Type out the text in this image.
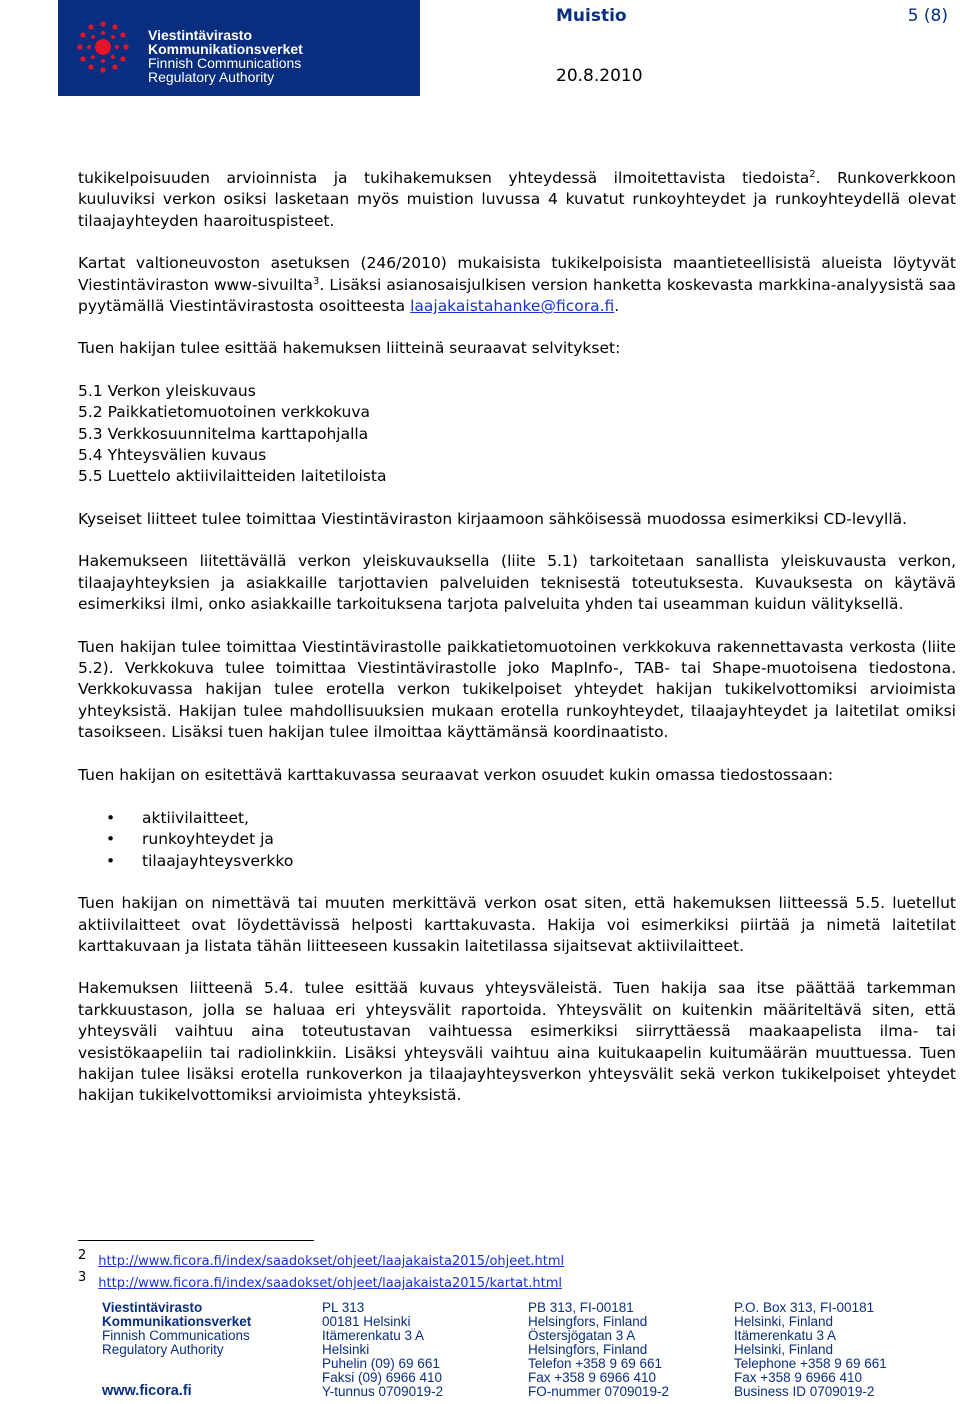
Viestintävirasto
Kommunikationsverket
Finnish Communications
Regulatory Authority
Muistio	5 (8)
20.8.2010

tukikelpoisuuden arvioinnista ja tukihakemuksen yhteydessä ilmoitettavista tiedoista$^2$. Runkoverkkoon kuuluviksi verkon osiksi lasketaan myös muistion luvussa 4 kuvatut runkoyhteydet ja runkoyhteydellä olevat tilaajayhteyden haaroituspisteet.

Kartat valtioneuvoston asetuksen (246/2010) mukaisista tukikelpoisista maantieteellisistä alueista löytyvät Viestintäviraston www-sivuilta$^3$. Lisäksi asianosaisjulkisen version hanketta koskevasta markkina-analyysistä saa pyytämällä Viestintävirastosta osoitteesta laajakaistahanke@ficora.fi.

Tuen hakijan tulee esittää hakemuksen liitteinä seuraavat selvitykset:

5.1 Verkon yleiskuvaus
5.2 Paikkatietomuotoinen verkkokuva
5.3 Verkkosuunnitelma karttapohjalla
5.4 Yhteysvälien kuvaus
5.5 Luettelo aktiivilaitteiden laitetiloista

Kyseiset liitteet tulee toimittaa Viestintäviraston kirjaamoon sähköisessä muodossa esimerkiksi CD-levyllä.

Hakemukseen liitettävällä verkon yleiskuvauksella (liite 5.1) tarkoitetaan sanallista yleiskuvausta verkon, tilaajayhteyksien ja asiakkaille tarjottavien palveluiden teknisestä toteutuksesta. Kuvauksesta on käytävä esimerkiksi ilmi, onko asiakkaille tarkoituksena tarjota palveluita yhden tai useamman kuidun välityksellä.

Tuen hakijan tulee toimittaa Viestintävirastolle paikkatietomuotoinen verkkokuva rakennettavasta verkosta (liite 5.2). Verkkokuva tulee toimittaa Viestintävirastolle joko MapInfo-, TAB- tai Shape-muotoisena tiedostona. Verkkokuvassa hakijan tulee erotella verkon tukikelpoiset yhteydet hakijan tukikelvottomiksi arvioimista yhteyksistä. Hakijan tulee mahdollisuuksien mukaan erotella runkoyhteydet, tilaajayhteydet ja laitetilat omiksi tasoikseen. Lisäksi tuen hakijan tulee ilmoittaa käyttämänsä koordinaatisto.

Tuen hakijan on esitettävä karttakuvassa seuraavat verkon osuudet kukin omassa tiedostossaan:

• aktiivilaitteet,
• runkoyhteydet ja
• tilaajayhteysverkko

Tuen hakijan on nimettävä tai muuten merkittävä verkon osat siten, että hakemuksen liitteessä 5.5. luetellut aktiivilaitteet ovat löydettävissä helposti karttakuvasta. Hakija voi esimerkiksi piirtää ja nimetä laitetilat karttakuvaan ja listata tähän liitteeseen kussakin laitetilassa sijaitsevat aktiivilaitteet.

Hakemuksen liitteenä 5.4. tulee esittää kuvaus yhteysväleistä. Tuen hakija saa itse päättää tarkemman tarkkuustason, jolla se haluaa eri yhteysvälit raportoida. Yhteysvälit on kuitenkin määriteltävä siten, että yhteysväli vaihtuu aina toteutustavan vaihtuessa esimerkiksi siirryttäessä maakaapelista ilma- tai vesistökaapeliin tai radiolinkkiin. Lisäksi yhteysväli vaihtuu aina kuitukaapelin kuitumäärän muuttuessa. Tuen hakijan tulee lisäksi erotella runkoverkon ja tilaajayhteysverkon yhteysvälit sekä verkon tukikelpoiset yhteydet hakijan tukikelvottomiksi arvioimista yhteyksistä.

2 http://www.ficora.fi/index/saadokset/ohjeet/laajakaista2015/ohjeet.html
3 http://www.ficora.fi/index/saadokset/ohjeet/laajakaista2015/kartat.html
Viestintävirasto
Kommunikationsverket
Finnish Communications
Regulatory Authority
www.ficora.fi
PL 313
00181 Helsinki
Itämerenkatu 3 A
Helsinki
Puhelin (09) 69 661
Faksi (09) 6966 410
Y-tunnus 0709019-2
PB 313, FI-00181
Helsingfors, Finland
Östersjögatan 3 A
Helsingfors, Finland
Telefon +358 9 69 661
Fax +358 9 6966 410
FO-nummer 0709019-2
P.O. Box 313, FI-00181
Helsinki, Finland
Itämerenkatu 3 A
Helsinki, Finland
Telephone +358 9 69 661
Fax +358 9 6966 410
Business ID 0709019-2
